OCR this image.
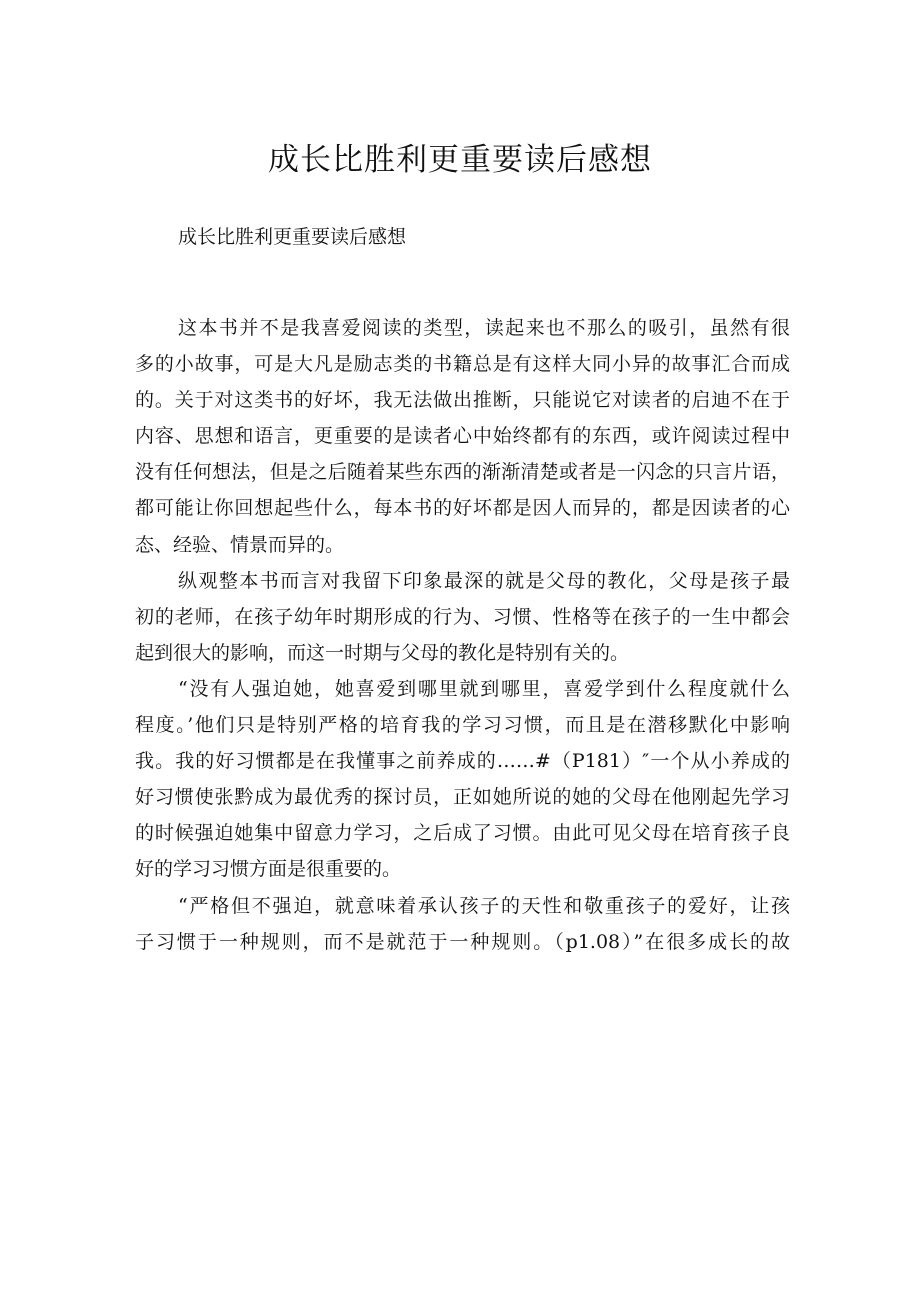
成长比胜利更重要读后感想

成长比胜利更重要读后感想

这本书并不是我喜爱阅读的类型，读起来也不那么的吸引，虽然有很
多的小故事，可是大凡是励志类的书籍总是有这样大同小异的故事汇合而成
的。关于对这类书的好坏，我无法做出推断，只能说它对读者的启迪不在于
内容、思想和语言，更重要的是读者心中始终都有的东西，或许阅读过程中
没有任何想法，但是之后随着某些东西的渐渐清楚或者是一闪念的只言片语，
都可能让你回想起些什么，每本书的好坏都是因人而异的，都是因读者的心
态、经验、情景而异的。

纵观整本书而言对我留下印象最深的就是父母的教化，父母是孩子最
初的老师，在孩子幼年时期形成的行为、习惯、性格等在孩子的一生中都会
起到很大的影响，而这一时期与父母的教化是特别有关的。

“没有人强迫她，她喜爱到哪里就到哪里，喜爱学到什么程度就什么
程度。’他们只是特别严格的培育我的学习习惯，而且是在潜移默化中影响
我。我的好习惯都是在我懂事之前养成的……#（P181）″一个从小养成的
好习惯使张黔成为最优秀的探讨员，正如她所说的她的父母在他刚起先学习
的时候强迫她集中留意力学习，之后成了习惯。由此可见父母在培育孩子良
好的学习习惯方面是很重要的。

“严格但不强迫，就意味着承认孩子的天性和敬重孩子的爱好，让孩
子习惯于一种规则，而不是就范于一种规则。（p1.08）”在很多成长的故
